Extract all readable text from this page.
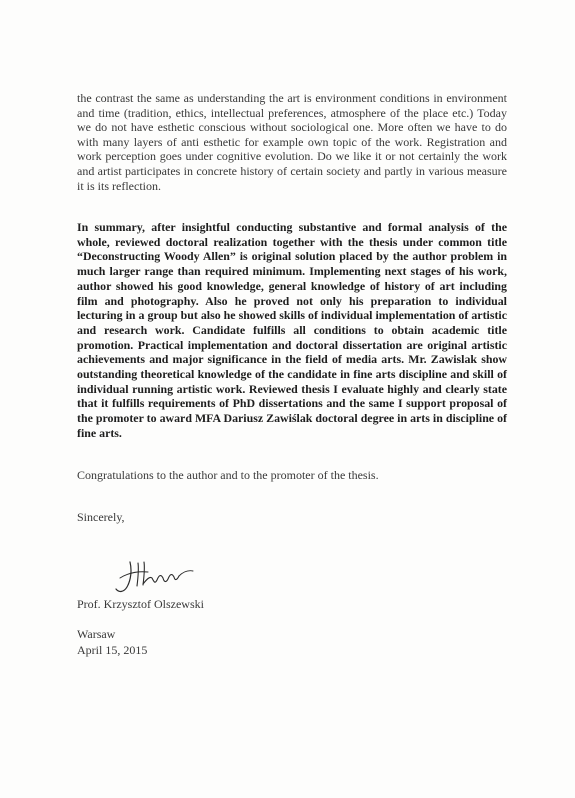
the contrast the same as understanding the art is environment conditions in environment and time (tradition, ethics, intellectual preferences, atmosphere of the place etc.) Today we do not have esthetic conscious without sociological one. More often we have to do with many layers of anti esthetic for example own topic of the work. Registration and work perception goes under cognitive evolution. Do we like it or not certainly the work and artist participates in concrete history of certain society and partly in various measure it is its reflection.

In summary, after insightful conducting substantive and formal analysis of the whole, reviewed doctoral realization together with the thesis under common title “Deconstructing Woody Allen” is original solution placed by the author problem in much larger range than required minimum. Implementing next stages of his work, author showed his good knowledge, general knowledge of history of art including film and photography. Also he proved not only his preparation to individual lecturing in a group but also he showed skills of individual implementation of artistic and research work. Candidate fulfills all conditions to obtain academic title promotion. Practical implementation and doctoral dissertation are original artistic achievements and major significance in the field of media arts. Mr. Zawislak show outstanding theoretical knowledge of the candidate in fine arts discipline and skill of individual running artistic work. Reviewed thesis I evaluate highly and clearly state that it fulfills requirements of PhD dissertations and the same I support proposal of the promoter to award MFA Dariusz Zawiślak doctoral degree in arts in discipline of fine arts.

Congratulations to the author and to the promoter of the thesis.

Sincerely,

Prof. Krzysztof Olszewski

Warsaw

April 15, 2015
